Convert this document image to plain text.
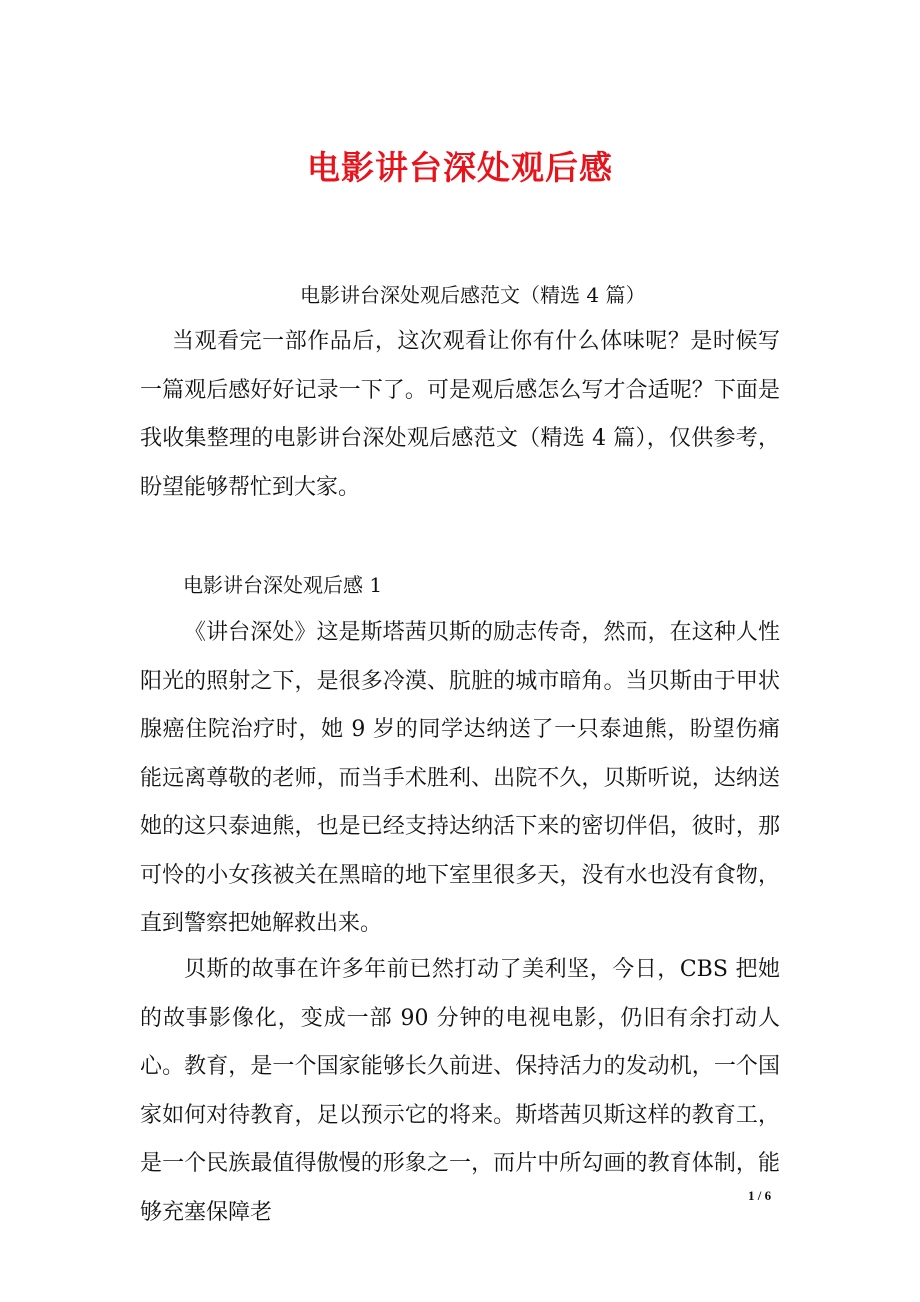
电影讲台深处观后感
电影讲台深处观后感范文（精选 4 篇）

当观看完一部作品后，这次观看让你有什么体味呢？是时候写一篇观后感好好记录一下了。可是观后感怎么写才合适呢？下面是我收集整理的电影讲台深处观后感范文（精选 4 篇），仅供参考，盼望能够帮忙到大家。

电影讲台深处观后感 1

《讲台深处》这是斯塔茜贝斯的励志传奇，然而，在这种人性阳光的照射之下，是很多冷漠、肮脏的城市暗角。当贝斯由于甲状腺癌住院治疗时，她 9 岁的同学达纳送了一只泰迪熊，盼望伤痛能远离尊敬的老师，而当手术胜利、出院不久，贝斯听说，达纳送她的这只泰迪熊，也是已经支持达纳活下来的密切伴侣，彼时，那可怜的小女孩被关在黑暗的地下室里很多天，没有水也没有食物，直到警察把她解救出来。

贝斯的故事在许多年前已然打动了美利坚，今日，CBS 把她的故事影像化，变成一部 90 分钟的电视电影，仍旧有余打动人心。教育，是一个国家能够长久前进、保持活力的发动机，一个国家如何对待教育，足以预示它的将来。斯塔茜贝斯这样的教育工，是一个民族最值得傲慢的形象之一，而片中所勾画的教育体制，能够充塞保障老

1 / 6
